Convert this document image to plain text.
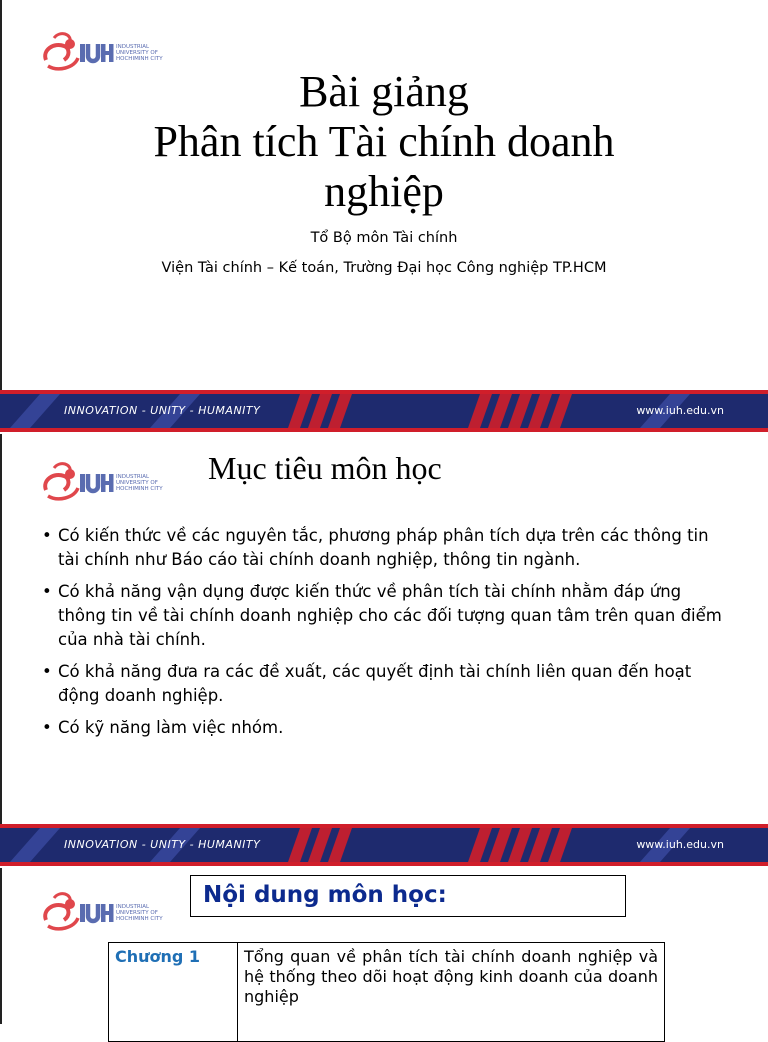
INDUSTRIAL
UNIVERSITY OF
HOCHIMINH CITY
Bài giảng
Phân tích Tài chính doanh
nghiệp
Tổ Bộ môn Tài chính
Viện Tài chính – Kế toán, Trường Đại học Công nghiệp TP.HCM
INNOVATION - UNITY - HUMANITY	www.iuh.edu.vn
INDUSTRIAL
UNIVERSITY OF
HOCHIMINH CITY
Mục tiêu môn học
• Có kiến thức về các nguyên tắc, phương pháp phân tích dựa trên các thông tin tài chính như Báo cáo tài chính doanh nghiệp, thông tin ngành.
• Có khả năng vận dụng được kiến thức về phân tích tài chính nhằm đáp ứng thông tin về tài chính doanh nghiệp cho các đối tượng quan tâm trên quan điểm của nhà tài chính.
• Có khả năng đưa ra các đề xuất, các quyết định tài chính liên quan đến hoạt động doanh nghiệp.
• Có kỹ năng làm việc nhóm.
INNOVATION - UNITY - HUMANITY	www.iuh.edu.vn
INDUSTRIAL
UNIVERSITY OF
HOCHIMINH CITY
Nội dung môn học:
Chương 1	Tổng quan về phân tích tài chính doanh nghiệp và hệ thống theo dõi hoạt động kinh doanh của doanh nghiệp
